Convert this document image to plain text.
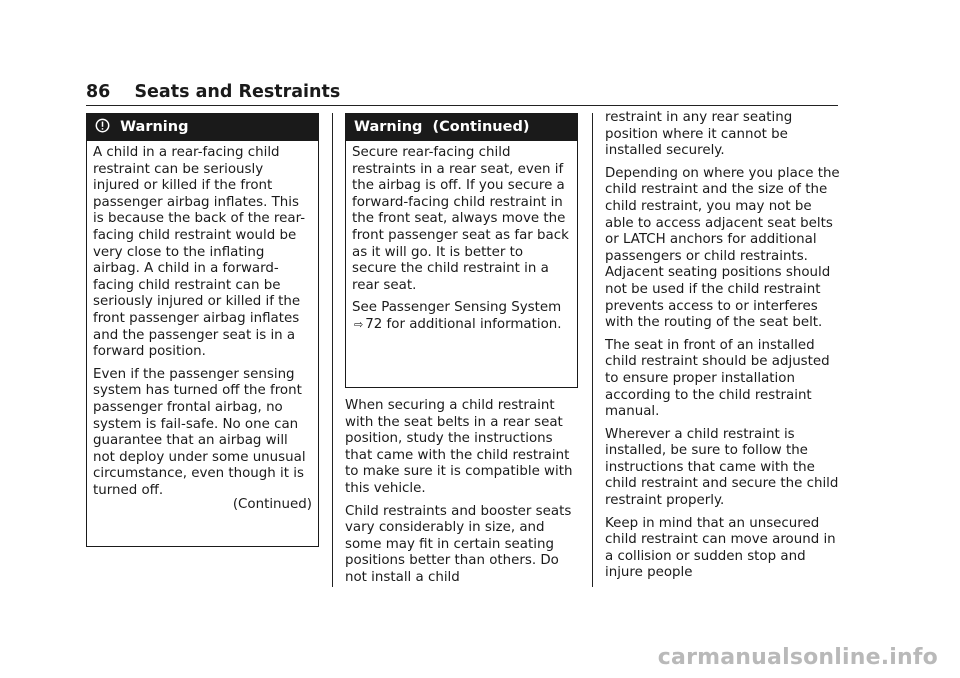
86 Seats and Restraints
Warning

A child in a rear-facing child restraint can be seriously injured or killed if the front passenger airbag inflates. This is because the back of the rear-facing child restraint would be very close to the inflating airbag. A child in a forward-facing child restraint can be seriously injured or killed if the front passenger airbag inflates and the passenger seat is in a forward position.

Even if the passenger sensing system has turned off the front passenger frontal airbag, no system is fail-safe. No one can guarantee that an airbag will not deploy under some unusual circumstance, even though it is turned off.

(Continued)
Warning  (Continued)

Secure rear-facing child restraints in a rear seat, even if the airbag is off. If you secure a forward-facing child restraint in the front seat, always move the front passenger seat as far back as it will go. It is better to secure the child restraint in a rear seat.

See Passenger Sensing System ⇨ 72 for additional information.

When securing a child restraint with the seat belts in a rear seat position, study the instructions that came with the child restraint to make sure it is compatible with this vehicle.

Child restraints and booster seats vary considerably in size, and some may fit in certain seating positions better than others. Do not install a child

restraint in any rear seating position where it cannot be installed securely.

Depending on where you place the child restraint and the size of the child restraint, you may not be able to access adjacent seat belts or LATCH anchors for additional passengers or child restraints. Adjacent seating positions should not be used if the child restraint prevents access to or interferes with the routing of the seat belt.

The seat in front of an installed child restraint should be adjusted to ensure proper installation according to the child restraint manual.

Wherever a child restraint is installed, be sure to follow the instructions that came with the child restraint and secure the child restraint properly.

Keep in mind that an unsecured child restraint can move around in a collision or sudden stop and injure people

carmanualsonline.info
